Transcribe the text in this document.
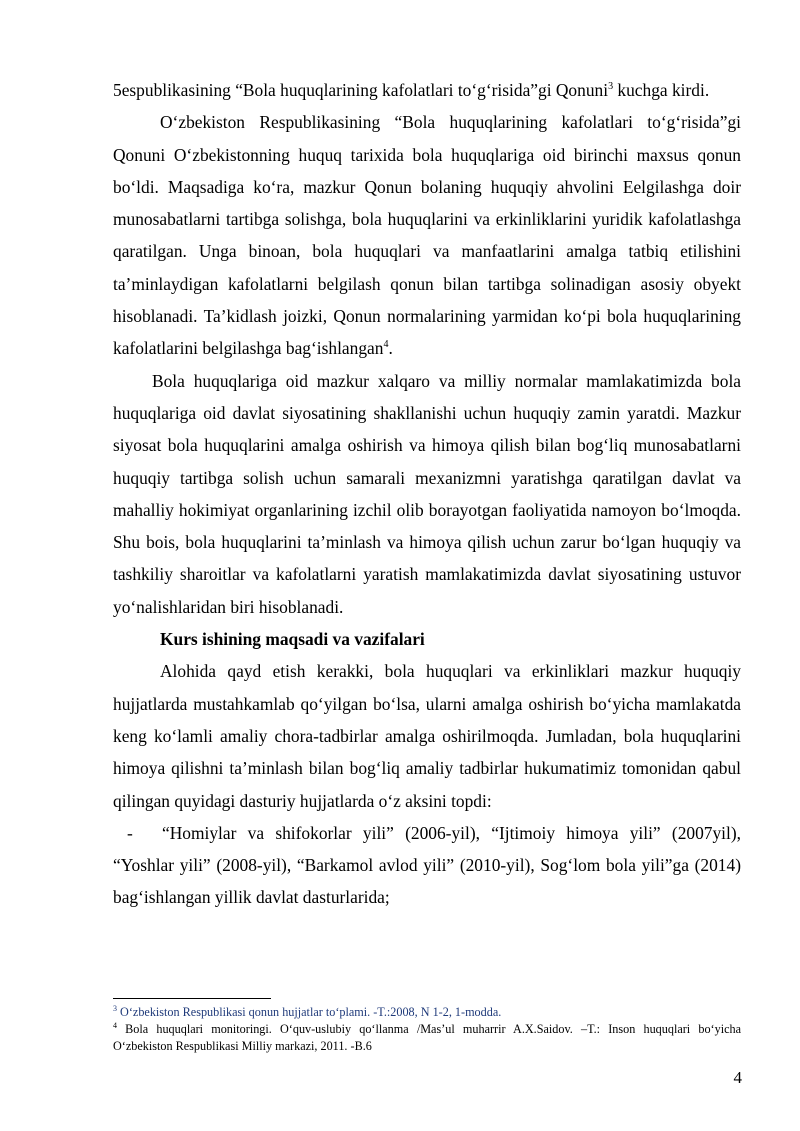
5espublikasining “Bola huquqlarining kafolatlari to‘g‘risida”gi Qonuni$^3$ kuchga kirdi.

O‘zbekiston Respublikasining “Bola huquqlarining kafolatlari to‘g‘risida”gi Qonuni O‘zbekistonning huquq tarixida bola huquqlariga oid birinchi maxsus qonun bo‘ldi. Maqsadiga ko‘ra, mazkur Qonun bolaning huquqiy ahvolini Eelgilashga doir munosabatlarni tartibga solishga, bola huquqlarini va erkinliklarini yuridik kafolatlashga qaratilgan. Unga binoan, bola huquqlari va manfaatlarini amalga tatbiq etilishini ta’minlaydigan kafolatlarni belgilash qonun bilan tartibga solinadigan asosiy obyekt hisoblanadi. Ta’kidlash joizki, Qonun normalarining yarmidan ko‘pi bola huquqlarining kafolatlarini belgilashga bag‘ishlangan$^4$.

Bola huquqlariga oid mazkur xalqaro va milliy normalar mamlakatimizda bola huquqlariga oid davlat siyosatining shakllanishi uchun huquqiy zamin yaratdi. Mazkur siyosat bola huquqlarini amalga oshirish va himoya qilish bilan bog‘liq munosabatlarni huquqiy tartibga solish uchun samarali mexanizmni yaratishga qaratilgan davlat va mahalliy hokimiyat organlarining izchil olib borayotgan faoliyatida namoyon bo‘lmoqda. Shu bois, bola huquqlarini ta’minlash va himoya qilish uchun zarur bo‘lgan huquqiy va tashkiliy sharoitlar va kafolatlarni yaratish mamlakatimizda davlat siyosatining ustuvor yo‘nalishlaridan biri hisoblanadi.

Kurs ishining maqsadi va vazifalari

Alohida qayd etish kerakki, bola huquqlari va erkinliklari mazkur huquqiy hujjatlarda mustahkamlab qo‘yilgan bo‘lsa, ularni amalga oshirish bo‘yicha mamlakatda keng ko‘lamli amaliy chora-tadbirlar amalga oshirilmoqda. Jumladan, bola huquqlarini himoya qilishni ta’minlash bilan bog‘liq amaliy tadbirlar hukumatimiz tomonidan qabul qilingan quyidagi dasturiy hujjatlarda o‘z aksini topdi:

-	“Homiylar va shifokorlar yili” (2006-yil), “Ijtimoiy himoya yili” (2007yil), “Yoshlar yili” (2008-yil), “Barkamol avlod yili” (2010-yil), Sog‘lom bola yili”ga (2014) bag‘ishlangan yillik davlat dasturlarida;

$^3$ O‘zbekiston Respublikasi qonun hujjatlar to‘plami. -T.:2008, N 1-2, 1-modda.

$^4$ Bola huquqlari monitoringi. O‘quv-uslubiy qo‘llanma /Mas’ul muharrir A.X.Saidov. –T.: Inson huquqlari bo‘yicha O‘zbekiston Respublikasi Milliy markazi, 2011. -B.6

4
